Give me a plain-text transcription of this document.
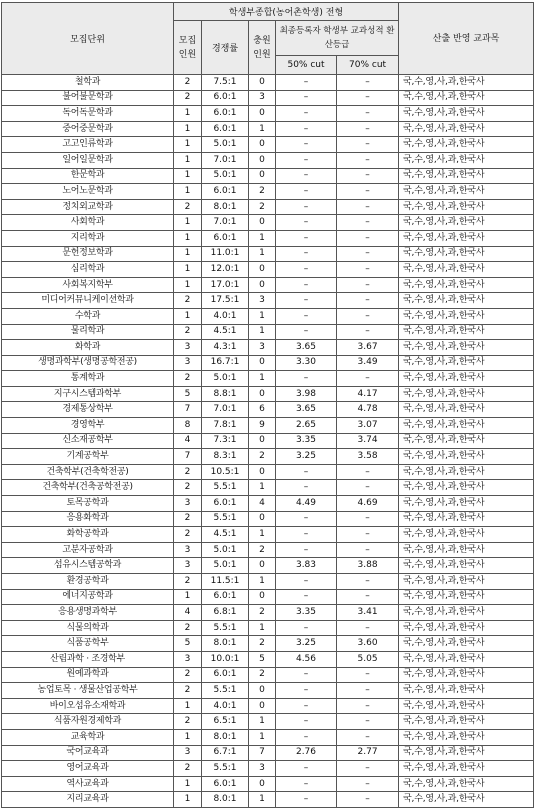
모집단위	학생부종합(농어촌학생) 전형					산출 반영 교과목
	모집 인원	경쟁률	충원 인원	최종등록자 학생부 교과성적 환산등급		
				50% cut	70% cut	
철학과	2	7.5:1	0	–	–	국,수,영,사,과,한국사
불어불문학과	2	6.0:1	3	–	–	국,수,영,사,과,한국사
독어독문학과	1	6.0:1	0	–	–	국,수,영,사,과,한국사
중어중문학과	1	6.0:1	1	–	–	국,수,영,사,과,한국사
고고인류학과	1	5.0:1	0	–	–	국,수,영,사,과,한국사
일어일문학과	1	7.0:1	0	–	–	국,수,영,사,과,한국사
한문학과	1	5.0:1	0	–	–	국,수,영,사,과,한국사
노어노문학과	1	6.0:1	2	–	–	국,수,영,사,과,한국사
정치외교학과	2	8.0:1	2	–	–	국,수,영,사,과,한국사
사회학과	1	7.0:1	0	–	–	국,수,영,사,과,한국사
지리학과	1	6.0:1	1	–	–	국,수,영,사,과,한국사
문헌정보학과	1	11.0:1	1	–	–	국,수,영,사,과,한국사
심리학과	1	12.0:1	0	–	–	국,수,영,사,과,한국사
사회복지학부	1	17.0:1	0	–	–	국,수,영,사,과,한국사
미디어커뮤니케이션학과	2	17.5:1	3	–	–	국,수,영,사,과,한국사
수학과	1	4.0:1	1	–	–	국,수,영,사,과,한국사
물리학과	2	4.5:1	1	–	–	국,수,영,사,과,한국사
화학과	3	4.3:1	3	3.65	3.67	국,수,영,사,과,한국사
생명과학부(생명공학전공)	3	16.7:1	0	3.30	3.49	국,수,영,사,과,한국사
통계학과	2	5.0:1	1	–	–	국,수,영,사,과,한국사
지구시스템과학부	5	8.8:1	0	3.98	4.17	국,수,영,사,과,한국사
경제통상학부	7	7.0:1	6	3.65	4.78	국,수,영,사,과,한국사
경영학부	8	7.8:1	9	2.65	3.07	국,수,영,사,과,한국사
신소재공학부	4	7.3:1	0	3.35	3.74	국,수,영,사,과,한국사
기계공학부	7	8.3:1	2	3.25	3.58	국,수,영,사,과,한국사
건축학부(건축학전공)	2	10.5:1	0	–	–	국,수,영,사,과,한국사
건축학부(건축공학전공)	2	5.5:1	1	–	–	국,수,영,사,과,한국사
토목공학과	3	6.0:1	4	4.49	4.69	국,수,영,사,과,한국사
응용화학과	2	5.5:1	0	–	–	국,수,영,사,과,한국사
화학공학과	2	4.5:1	1	–	–	국,수,영,사,과,한국사
고분자공학과	3	5.0:1	2	–	–	국,수,영,사,과,한국사
섬유시스템공학과	3	5.0:1	0	3.83	3.88	국,수,영,사,과,한국사
환경공학과	2	11.5:1	1	–	–	국,수,영,사,과,한국사
에너지공학과	1	6.0:1	0	–	–	국,수,영,사,과,한국사
응용생명과학부	4	6.8:1	2	3.35	3.41	국,수,영,사,과,한국사
식물의학과	2	5.5:1	1	–	–	국,수,영,사,과,한국사
식품공학부	5	8.0:1	2	3.25	3.60	국,수,영,사,과,한국사
산림과학 · 조경학부	3	10.0:1	5	4.56	5.05	국,수,영,사,과,한국사
원예과학과	2	6.0:1	2	–	–	국,수,영,사,과,한국사
농업토목 · 생물산업공학부	2	5.5:1	0	–	–	국,수,영,사,과,한국사
바이오섬유소재학과	1	4.0:1	0	–	–	국,수,영,사,과,한국사
식품자원경제학과	2	6.5:1	1	–	–	국,수,영,사,과,한국사
교육학과	1	8.0:1	1	–	–	국,수,영,사,과,한국사
국어교육과	3	6.7:1	7	2.76	2.77	국,수,영,사,과,한국사
영어교육과	2	5.5:1	3	–	–	국,수,영,사,과,한국사
역사교육과	1	6.0:1	0	–	–	국,수,영,사,과,한국사
지리교육과	1	8.0:1	1	–	–	국,수,영,사,과,한국사
